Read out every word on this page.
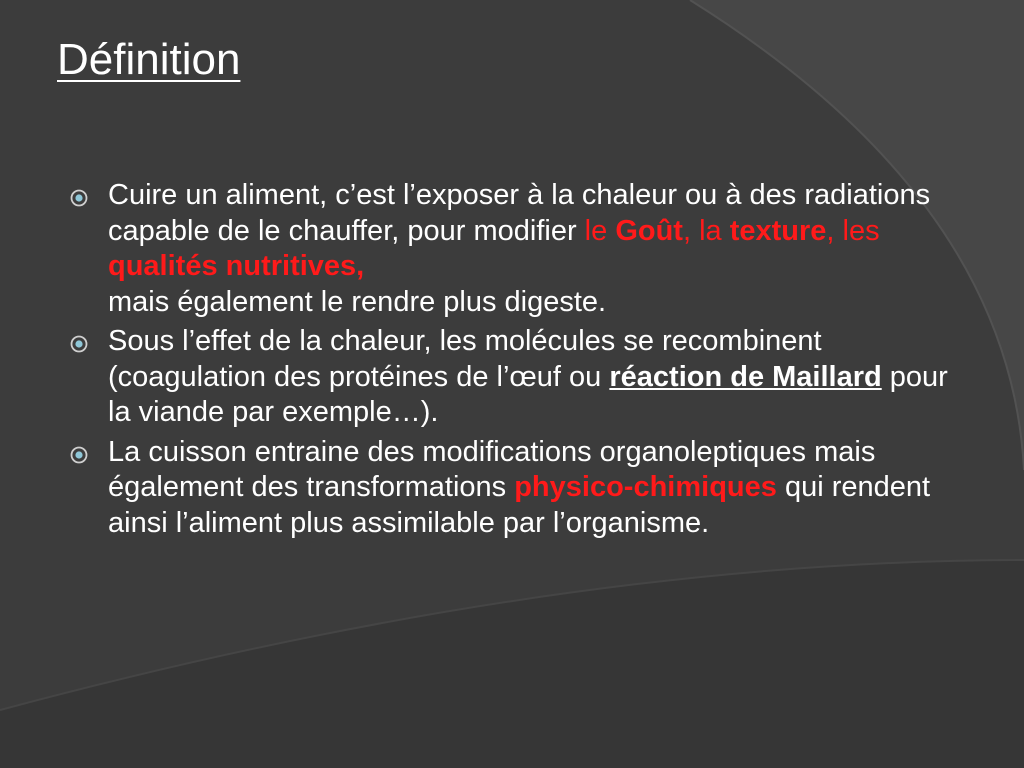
Définition
Cuire un aliment, c’est l’exposer à la chaleur ou à des radiations capable de le chauffer, pour modifier le Goût, la texture, les qualités nutritives,
mais également le rendre plus digeste.
Sous l’effet de la chaleur, les molécules se recombinent (coagulation des protéines de l’œuf ou réaction de Maillard pour la viande par exemple…).
La cuisson entraine des modifications organoleptiques mais également des transformations physico-chimiques qui rendent ainsi l’aliment plus assimilable par l’organisme.
